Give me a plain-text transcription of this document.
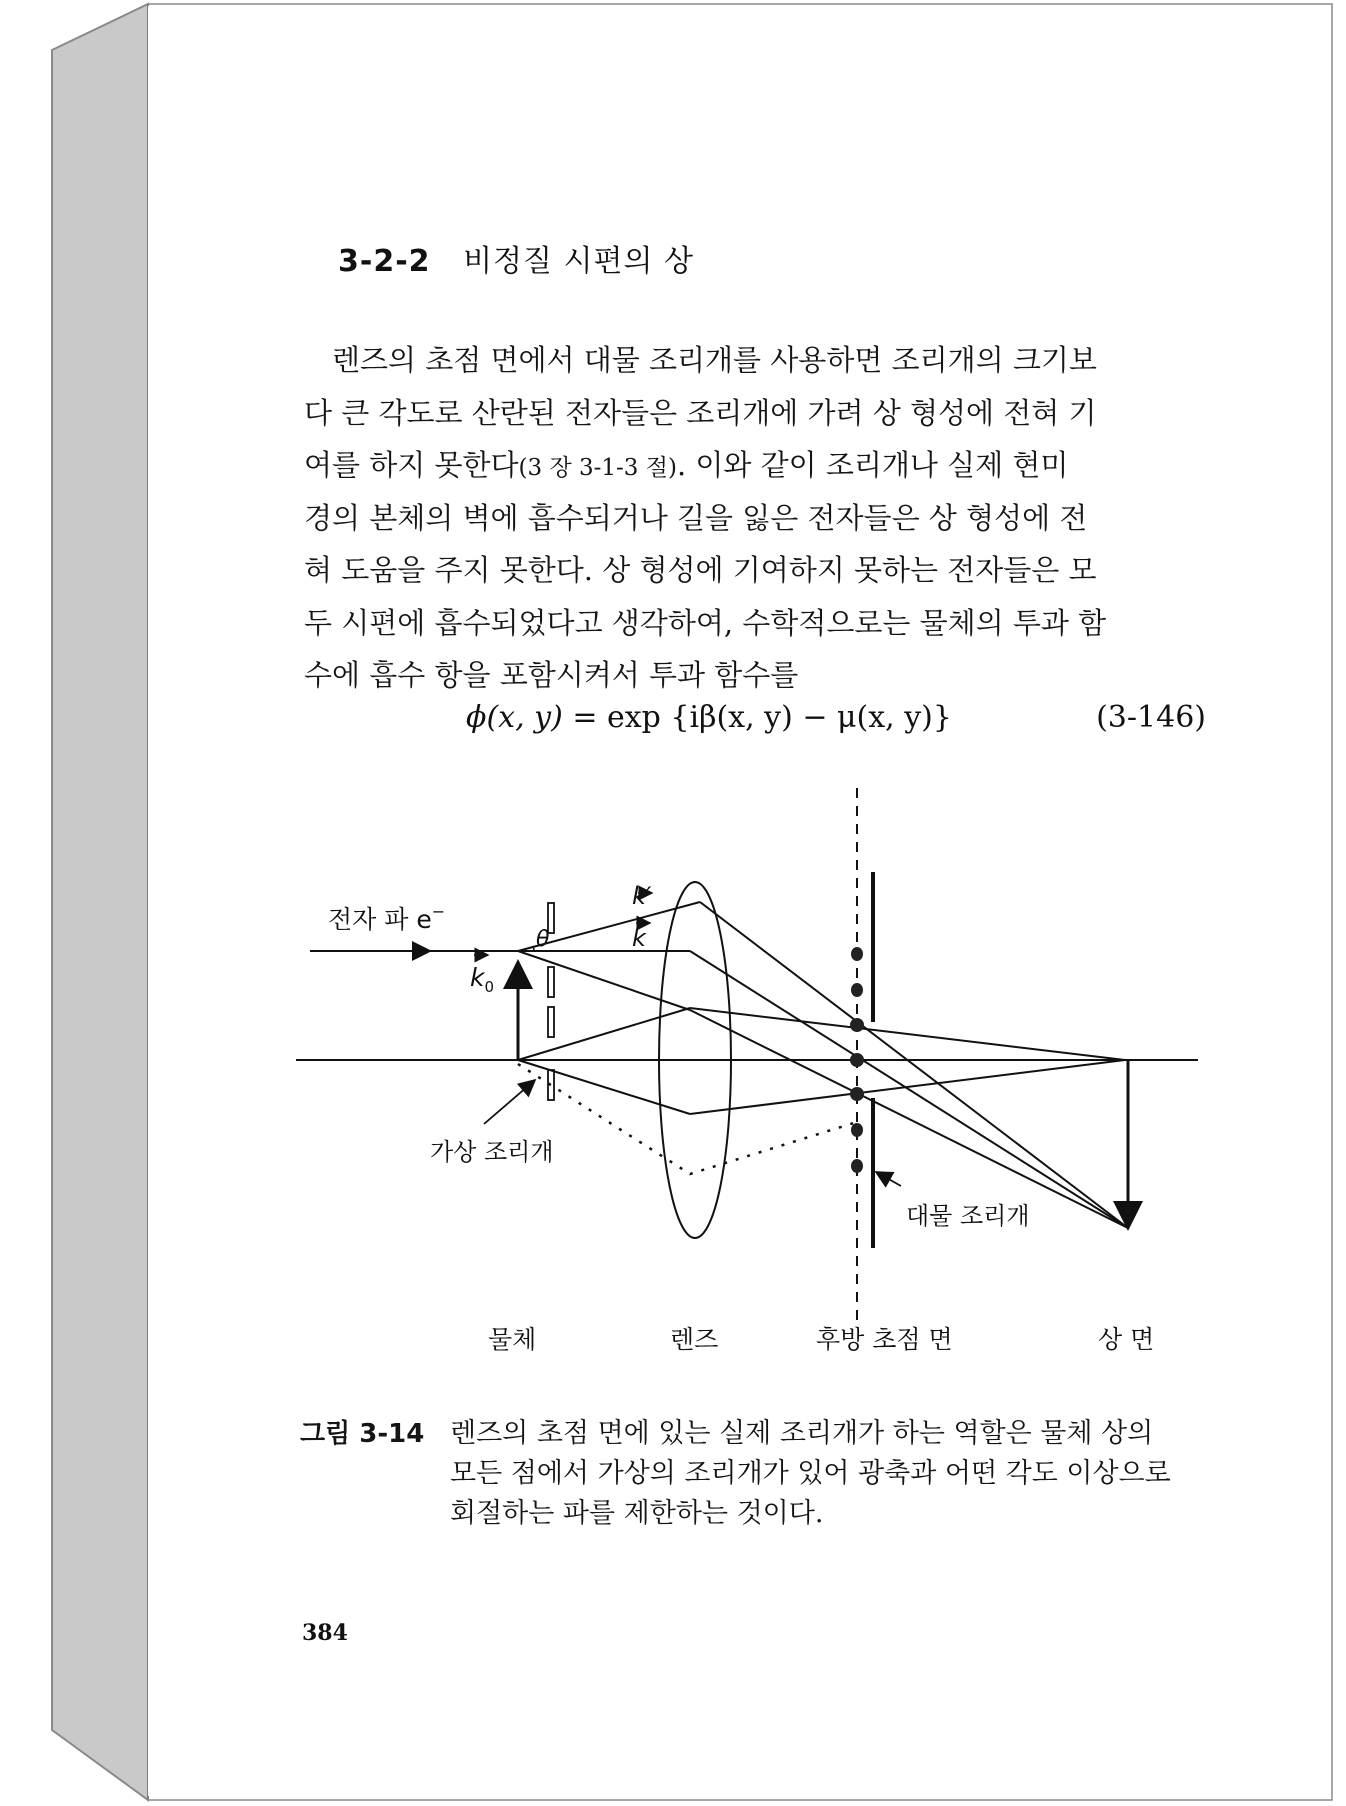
3-2-2 비정질 시편의 상
렌즈의 초점 면에서 대물 조리개를 사용하면 조리개의 크기보
다 큰 각도로 산란된 전자들은 조리개에 가려 상 형성에 전혀 기
여를 하지 못한다(3 장 3-1-3 절). 이와 같이 조리개나 실제 현미
경의 본체의 벽에 흡수되거나 길을 잃은 전자들은 상 형성에 전
혀 도움을 주지 못한다. 상 형성에 기여하지 못하는 전자들은 모
두 시편에 흡수되었다고 생각하여, 수학적으로는 물체의 투과 함
수에 흡수 항을 포함시켜서 투과 함수를
ϕ(x, y) = exp {iβ(x, y) − μ(x, y)}	(3-146)
전자 파 e−
$k_0$
θ	k
k′
가상 조리개
대물 조리개
물체	렌즈	후방 초점 면	상 면
그림 3-14 렌즈의 초점 면에 있는 실제 조리개가 하는 역할은 물체 상의
모든 점에서 가상의 조리개가 있어 광축과 어떤 각도 이상으로
회절하는 파를 제한하는 것이다.
384
